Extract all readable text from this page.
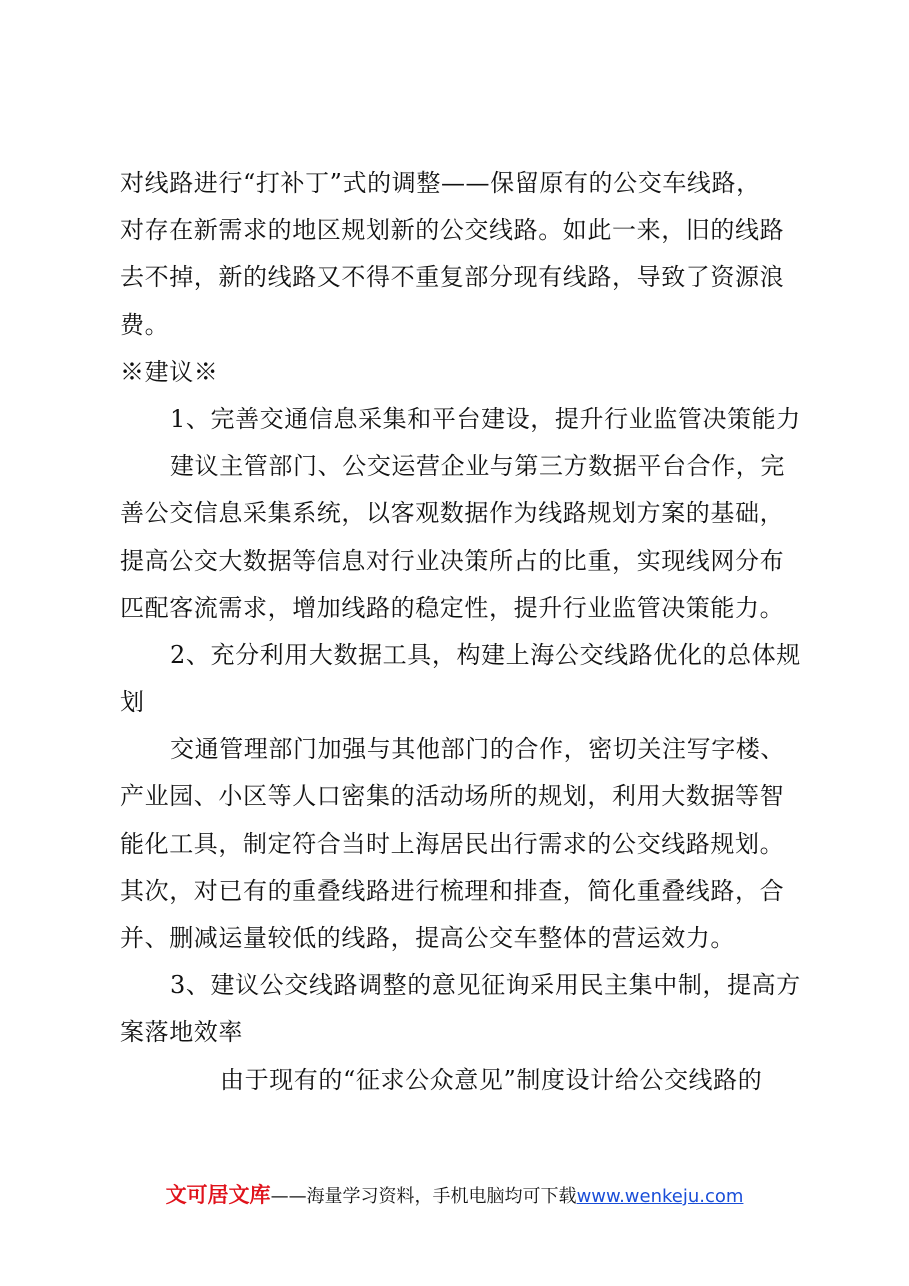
对线路进行“打补丁”式的调整——保留原有的公交车线路，
对存在新需求的地区规划新的公交线路。如此一来，旧的线路
去不掉，新的线路又不得不重复部分现有线路，导致了资源浪
费。
※建议※
1、完善交通信息采集和平台建设，提升行业监管决策能力
建议主管部门、公交运营企业与第三方数据平台合作，完
善公交信息采集系统，以客观数据作为线路规划方案的基础，
提高公交大数据等信息对行业决策所占的比重，实现线网分布
匹配客流需求，增加线路的稳定性，提升行业监管决策能力。
2、充分利用大数据工具，构建上海公交线路优化的总体规
划
交通管理部门加强与其他部门的合作，密切关注写字楼、
产业园、小区等人口密集的活动场所的规划，利用大数据等智
能化工具，制定符合当时上海居民出行需求的公交线路规划。
其次，对已有的重叠线路进行梳理和排查，简化重叠线路，合
并、删减运量较低的线路，提高公交车整体的营运效力。
3、建议公交线路调整的意见征询采用民主集中制，提高方
案落地效率
由于现有的“征求公众意见”制度设计给公交线路的
文可居文库——海量学习资料，手机电脑均可下载www.wenkeju.com
